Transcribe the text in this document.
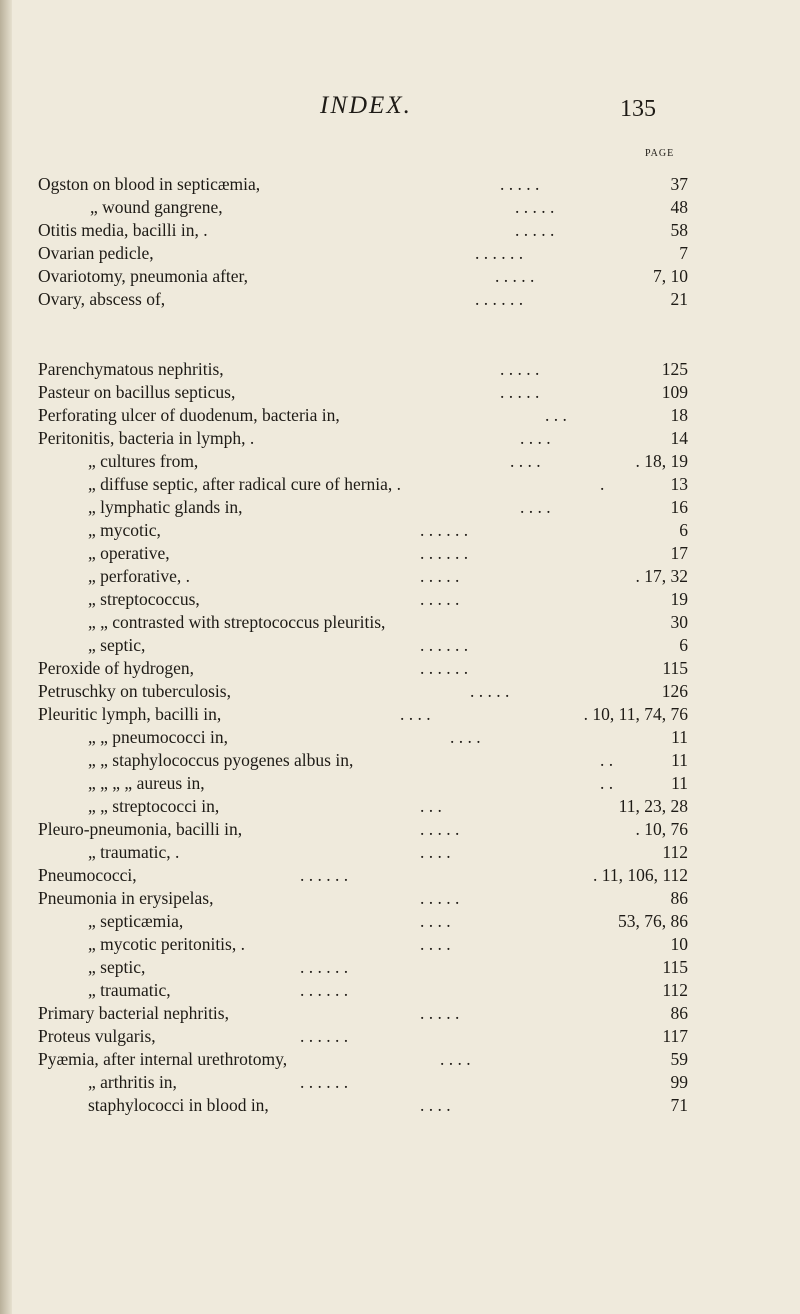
INDEX.	135
PAGE
Ogston on blood in septicæmia,	. . . . .	37
„ wound gangrene,	. . . . .	48
Otitis media, bacilli in, .	. . . . .	58
Ovarian pedicle,	. . . . . .	7
Ovariotomy, pneumonia after,	. . . . .	7, 10
Ovary, abscess of,	. . . . . .	21
Parenchymatous nephritis,	. . . . .	125
Pasteur on bacillus septicus,	. . . . .	109
Perforating ulcer of duodenum, bacteria in,	. . .	18
Peritonitis, bacteria in lymph, .	. . . .	14
„ cultures from,	. . . .	. 18, 19
„ diffuse septic, after radical cure of hernia, .	.	13
„ lymphatic glands in,	. . . .	16
„ mycotic,	. . . . . .	6
„ operative,	. . . . . .	17
„ perforative, .	. . . . .	. 17, 32
„ streptococcus,	. . . . .	19
„ „ contrasted with streptococcus pleuritis,	30
„ septic,	. . . . . .	6
Peroxide of hydrogen,	. . . . . .	115
Petruschky on tuberculosis,	. . . . .	126
Pleuritic lymph, bacilli in,	. . . .	. 10, 11, 74, 76
„ „ pneumococci in,	. . . .	11
„ „ staphylococcus pyogenes albus in,	. .	11
„ „ „ „ aureus in,	. .	11
„ „ streptococci in,	. . .	11, 23, 28
Pleuro-pneumonia, bacilli in,	. . . . .	. 10, 76
„ traumatic, .	. . . .	112
Pneumococci,	. . . . . .	. 11, 106, 112
Pneumonia in erysipelas,	. . . . .	86
„ septicæmia,	. . . .	53, 76, 86
„ mycotic peritonitis, .	. . . .	10
„ septic,	. . . . . .	115
„ traumatic,	. . . . . .	112
Primary bacterial nephritis,	. . . . .	86
Proteus vulgaris,	. . . . . .	117
Pyæmia, after internal urethrotomy,	. . . .	59
„ arthritis in,	. . . . . .	99
staphylococci in blood in,	. . . .	71
